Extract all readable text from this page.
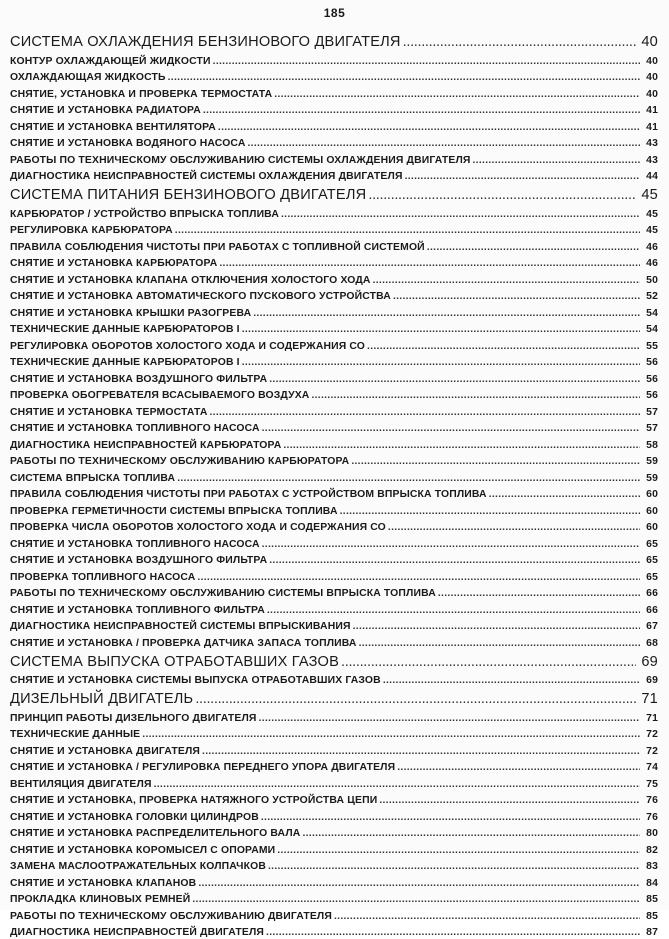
185
СИСТЕМА ОХЛАЖДЕНИЯ БЕНЗИНОВОГО ДВИГАТЕЛЯ . . .	40
КОНТУР ОХЛАЖДАЮЩЕЙ ЖИДКОСТИ . . .	40
ОХЛАЖДАЮЩАЯ ЖИДКОСТЬ . . .	40
СНЯТИЕ, УСТАНОВКА И ПРОВЕРКА ТЕРМОСТАТА . . .	40
СНЯТИЕ И УСТАНОВКА РАДИАТОРА . . .	41
СНЯТИЕ И УСТАНОВКА ВЕНТИЛЯТОРА . . .	41
СНЯТИЕ И УСТАНОВКА ВОДЯНОГО НАСОСА . . .	43
РАБОТЫ ПО ТЕХНИЧЕСКОМУ ОБСЛУЖИВАНИЮ СИСТЕМЫ ОХЛАЖДЕНИЯ ДВИГАТЕЛЯ . . .	43
ДИАГНОСТИКА НЕИСПРАВНОСТЕЙ СИСТЕМЫ ОХЛАЖДЕНИЯ ДВИГАТЕЛЯ . . .	44
СИСТЕМА ПИТАНИЯ БЕНЗИНОВОГО ДВИГАТЕЛЯ . . .	45
КАРБЮРАТОР / УСТРОЙСТВО ВПРЫСКА ТОПЛИВА . . .	45
РЕГУЛИРОВКА КАРБЮРАТОРА . . .	45
ПРАВИЛА СОБЛЮДЕНИЯ ЧИСТОТЫ ПРИ РАБОТАХ С ТОПЛИВНОЙ СИСТЕМОЙ . . .	46
СНЯТИЕ И УСТАНОВКА КАРБЮРАТОРА . . .	46
СНЯТИЕ И УСТАНОВКА КЛАПАНА ОТКЛЮЧЕНИЯ ХОЛОСТОГО ХОДА . . .	50
СНЯТИЕ И УСТАНОВКА АВТОМАТИЧЕСКОГО ПУСКОВОГО УСТРОЙСТВА . . .	52
СНЯТИЕ И УСТАНОВКА КРЫШКИ РАЗОГРЕВА . . .	54
ТЕХНИЧЕСКИЕ ДАННЫЕ КАРБЮРАТОРОВ I . . .	54
РЕГУЛИРОВКА ОБОРОТОВ ХОЛОСТОГО ХОДА И СОДЕРЖАНИЯ СО . . .	55
ТЕХНИЧЕСКИЕ ДАННЫЕ КАРБЮРАТОРОВ I . . .	56
СНЯТИЕ И УСТАНОВКА ВОЗДУШНОГО ФИЛЬТРА . . .	56
ПРОВЕРКА ОБОГРЕВАТЕЛЯ ВСАСЫВАЕМОГО ВОЗДУХА . . .	56
СНЯТИЕ И УСТАНОВКА ТЕРМОСТАТА . . .	57
СНЯТИЕ И УСТАНОВКА ТОПЛИВНОГО НАСОСА . . .	57
ДИАГНОСТИКА НЕИСПРАВНОСТЕЙ КАРБЮРАТОРА . . .	58
РАБОТЫ ПО ТЕХНИЧЕСКОМУ ОБСЛУЖИВАНИЮ КАРБЮРАТОРА . . .	59
СИСТЕМА ВПРЫСКА ТОПЛИВА . . .	59
ПРАВИЛА СОБЛЮДЕНИЯ ЧИСТОТЫ ПРИ РАБОТАХ С УСТРОЙСТВОМ ВПРЫСКА ТОПЛИВА . . .	60
ПРОВЕРКА ГЕРМЕТИЧНОСТИ СИСТЕМЫ ВПРЫСКА ТОПЛИВА . . .	60
ПРОВЕРКА ЧИСЛА ОБОРОТОВ ХОЛОСТОГО ХОДА И СОДЕРЖАНИЯ СО . . .	60
СНЯТИЕ И УСТАНОВКА ТОПЛИВНОГО НАСОСА . . .	65
СНЯТИЕ И УСТАНОВКА ВОЗДУШНОГО ФИЛЬТРА . . .	65
ПРОВЕРКА ТОПЛИВНОГО НАСОСА . . .	65
РАБОТЫ ПО ТЕХНИЧЕСКОМУ ОБСЛУЖИВАНИЮ СИСТЕМЫ ВПРЫСКА ТОПЛИВА . . .	66
СНЯТИЕ И УСТАНОВКА ТОПЛИВНОГО ФИЛЬТРА . . .	66
ДИАГНОСТИКА НЕИСПРАВНОСТЕЙ СИСТЕМЫ ВПРЫСКИВАНИЯ . . .	67
СНЯТИЕ И УСТАНОВКА / ПРОВЕРКА ДАТЧИКА ЗАПАСА ТОПЛИВА . . .	68
СИСТЕМА ВЫПУСКА ОТРАБОТАВШИХ ГАЗОВ . . .	69
СНЯТИЕ И УСТАНОВКА СИСТЕМЫ ВЫПУСКА ОТРАБОТАВШИХ ГАЗОВ . . .	69
ДИЗЕЛЬНЫЙ ДВИГАТЕЛЬ . . .	71
ПРИНЦИП РАБОТЫ ДИЗЕЛЬНОГО ДВИГАТЕЛЯ . . .	71
ТЕХНИЧЕСКИЕ ДАННЫЕ . . .	72
СНЯТИЕ И УСТАНОВКА ДВИГАТЕЛЯ . . .	72
СНЯТИЕ И УСТАНОВКА / РЕГУЛИРОВКА ПЕРЕДНЕГО УПОРА ДВИГАТЕЛЯ . . .	74
ВЕНТИЛЯЦИЯ ДВИГАТЕЛЯ . . .	75
СНЯТИЕ И УСТАНОВКА, ПРОВЕРКА НАТЯЖНОГО УСТРОЙСТВА ЦЕПИ . . .	76
СНЯТИЕ И УСТАНОВКА ГОЛОВКИ ЦИЛИНДРОВ . . .	76
СНЯТИЕ И УСТАНОВКА РАСПРЕДЕЛИТЕЛЬНОГО ВАЛА . . .	80
СНЯТИЕ И УСТАНОВКА КОРОМЫСЕЛ С ОПОРАМИ . . .	82
ЗАМЕНА МАСЛООТРАЖАТЕЛЬНЫХ КОЛПАЧКОВ . . .	83
СНЯТИЕ И УСТАНОВКА КЛАПАНОВ . . .	84
ПРОКЛАДКА КЛИНОВЫХ РЕМНЕЙ . . .	85
РАБОТЫ ПО ТЕХНИЧЕСКОМУ ОБСЛУЖИВАНИЮ ДВИГАТЕЛЯ . . .	85
ДИАГНОСТИКА НЕИСПРАВНОСТЕЙ ДВИГАТЕЛЯ . . .	87
